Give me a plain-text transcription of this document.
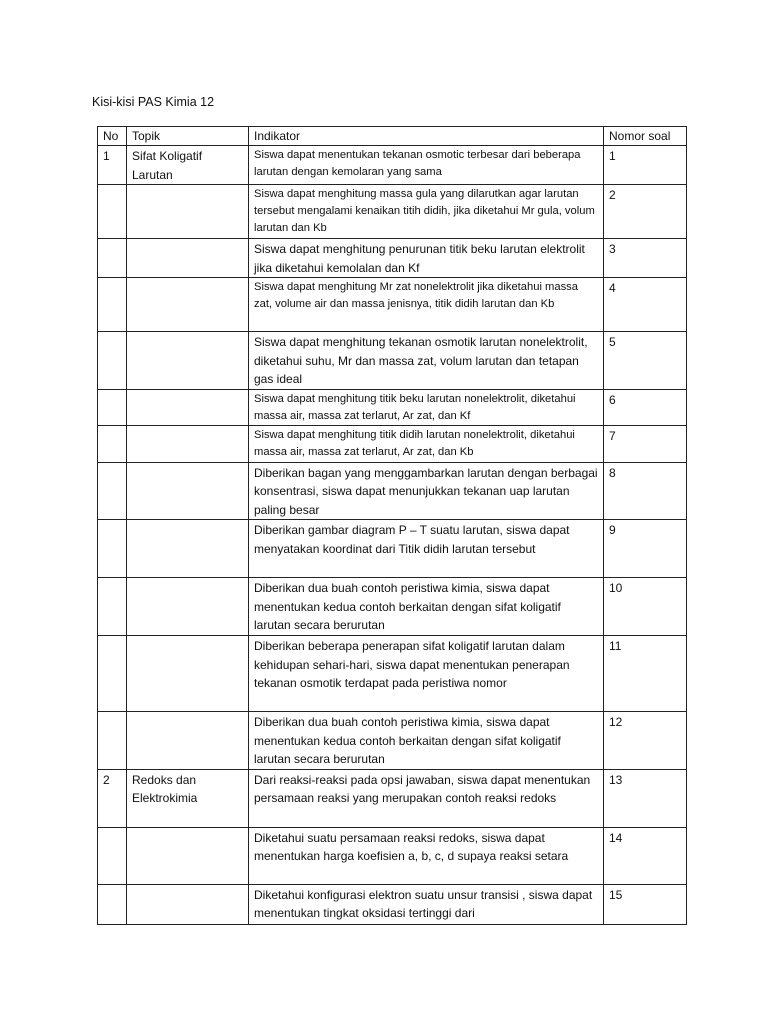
Kisi-kisi PAS Kimia 12
No	Topik	Indikator	Nomor soal
1	Sifat Koligatif Larutan	Siswa dapat menentukan tekanan osmotic terbesar dari beberapa larutan dengan kemolaran yang sama	1
		Siswa dapat menghitung massa gula yang dilarutkan agar larutan tersebut mengalami kenaikan titih didih, jika diketahui Mr gula, volum larutan dan Kb	2
		Siswa dapat menghitung penurunan titik beku larutan elektrolit jika diketahui kemolalan dan Kf	3
		Siswa dapat menghitung Mr zat nonelektrolit jika diketahui massa zat, volume air dan massa jenisnya, titik didih larutan dan Kb	4
		Siswa dapat menghitung tekanan osmotik larutan nonelektrolit, diketahui suhu, Mr dan massa zat, volum larutan dan tetapan gas ideal	5
		Siswa dapat menghitung titik beku larutan nonelektrolit, diketahui massa air, massa zat terlarut, Ar zat, dan Kf	6
		Siswa dapat menghitung titik didih larutan nonelektrolit, diketahui massa air, massa zat terlarut, Ar zat, dan Kb	7
		Diberikan bagan yang menggambarkan larutan dengan berbagai konsentrasi, siswa dapat menunjukkan tekanan uap larutan paling besar	8
		Diberikan gambar diagram P – T suatu larutan, siswa dapat menyatakan koordinat dari Titik didih larutan tersebut	9
		Diberikan dua buah contoh peristiwa kimia, siswa dapat menentukan kedua contoh berkaitan dengan sifat koligatif larutan secara berurutan	10
		Diberikan beberapa penerapan sifat koligatif larutan dalam kehidupan sehari-hari, siswa dapat menentukan penerapan tekanan osmotik terdapat pada peristiwa nomor	11
		Diberikan dua buah contoh peristiwa kimia, siswa dapat menentukan kedua contoh berkaitan dengan sifat koligatif larutan secara berurutan	12
2	Redoks dan Elektrokimia	Dari reaksi-reaksi pada opsi jawaban, siswa dapat menentukan persamaan reaksi yang merupakan contoh reaksi redoks	13
		Diketahui suatu persamaan reaksi redoks, siswa dapat menentukan harga koefisien a, b, c, d supaya reaksi setara	14
		Diketahui konfigurasi elektron suatu unsur transisi , siswa dapat menentukan tingkat oksidasi tertinggi dari	15
